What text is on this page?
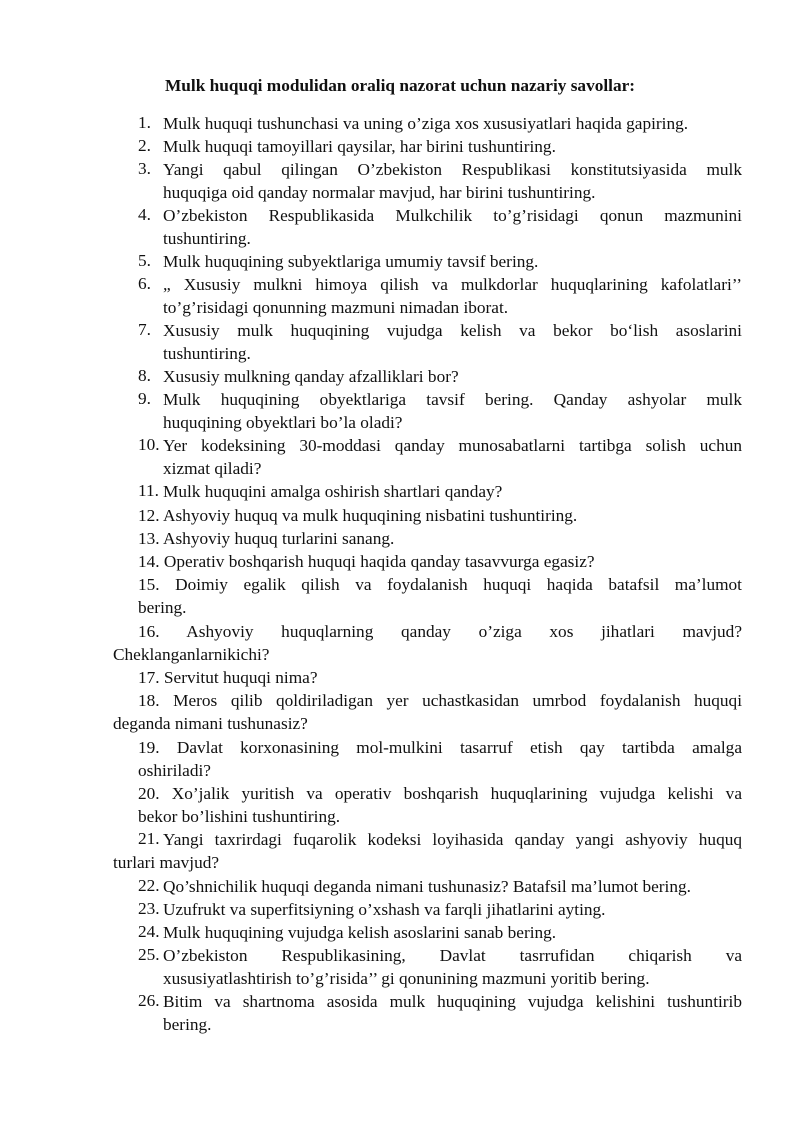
Mulk huquqi modulidan oraliq nazorat uchun nazariy savollar:
1. Mulk huquqi tushunchasi va uning o’ziga xos xususiyatlari haqida gapiring.
2. Mulk huquqi tamoyillari qaysilar, har birini tushuntiring.
3. Yangi qabul qilingan O’zbekiston Respublikasi konstitutsiyasida mulk
huquqiga oid qanday normalar mavjud, har birini tushuntiring.
4. O’zbekiston Respublikasida Mulkchilik to’g’risidagi qonun mazmunini
tushuntiring.
5. Mulk huquqining subyektlariga umumiy tavsif bering.
6. „ Xususiy mulkni himoya qilish va mulkdorlar huquqlarining kafolatlari’’
to’g’risidagi qonunning mazmuni nimadan iborat.
7. Xususiy mulk huquqining vujudga kelish va bekor bo‘lish asoslarini
tushuntiring.
8. Xususiy mulkning qanday afzalliklari bor?
9. Mulk huquqining obyektlariga tavsif bering. Qanday ashyolar mulk
huquqining obyektlari bo’la oladi?
10. Yer kodeksining 30-moddasi qanday munosabatlarni tartibga solish uchun
xizmat qiladi?
11. Mulk huquqini amalga oshirish shartlari qanday?
12. Ashyoviy huquq va mulk huquqining nisbatini tushuntiring.
13. Ashyoviy huquq turlarini sanang.
14. Operativ boshqarish huquqi haqida qanday tasavvurga egasiz?
15. Doimiy egalik qilish va foydalanish huquqi haqida batafsil ma’lumot
bering.
16. Ashyoviy huquqlarning qanday o’ziga xos jihatlari mavjud?
Cheklanganlarnikichi?
17. Servitut huquqi nima?
18. Meros qilib qoldiriladigan yer uchastkasidan umrbod foydalanish huquqi
deganda nimani tushunasiz?
19. Davlat korxonasining mol-mulkini tasarruf etish qay tartibda amalga
oshiriladi?
20. Xo’jalik yuritish va operativ boshqarish huquqlarining vujudga kelishi va
bekor bo’lishini tushuntiring.
21. Yangi taxrirdagi fuqarolik kodeksi loyihasida qanday yangi ashyoviy huquq
turlari mavjud?
22. Qo’shnichilik huquqi deganda nimani tushunasiz? Batafsil ma’lumot bering.
23. Uzufrukt va superfitsiyning o’xshash va farqli jihatlarini ayting.
24. Mulk huquqining vujudga kelish asoslarini sanab bering.
25. O’zbekiston Respublikasining, Davlat tasrrufidan chiqarish va
xususiyatlashtirish to’g’risida’’ gi qonunining mazmuni yoritib bering.
26. Bitim va shartnoma asosida mulk huquqining vujudga kelishini tushuntirib
bering.
